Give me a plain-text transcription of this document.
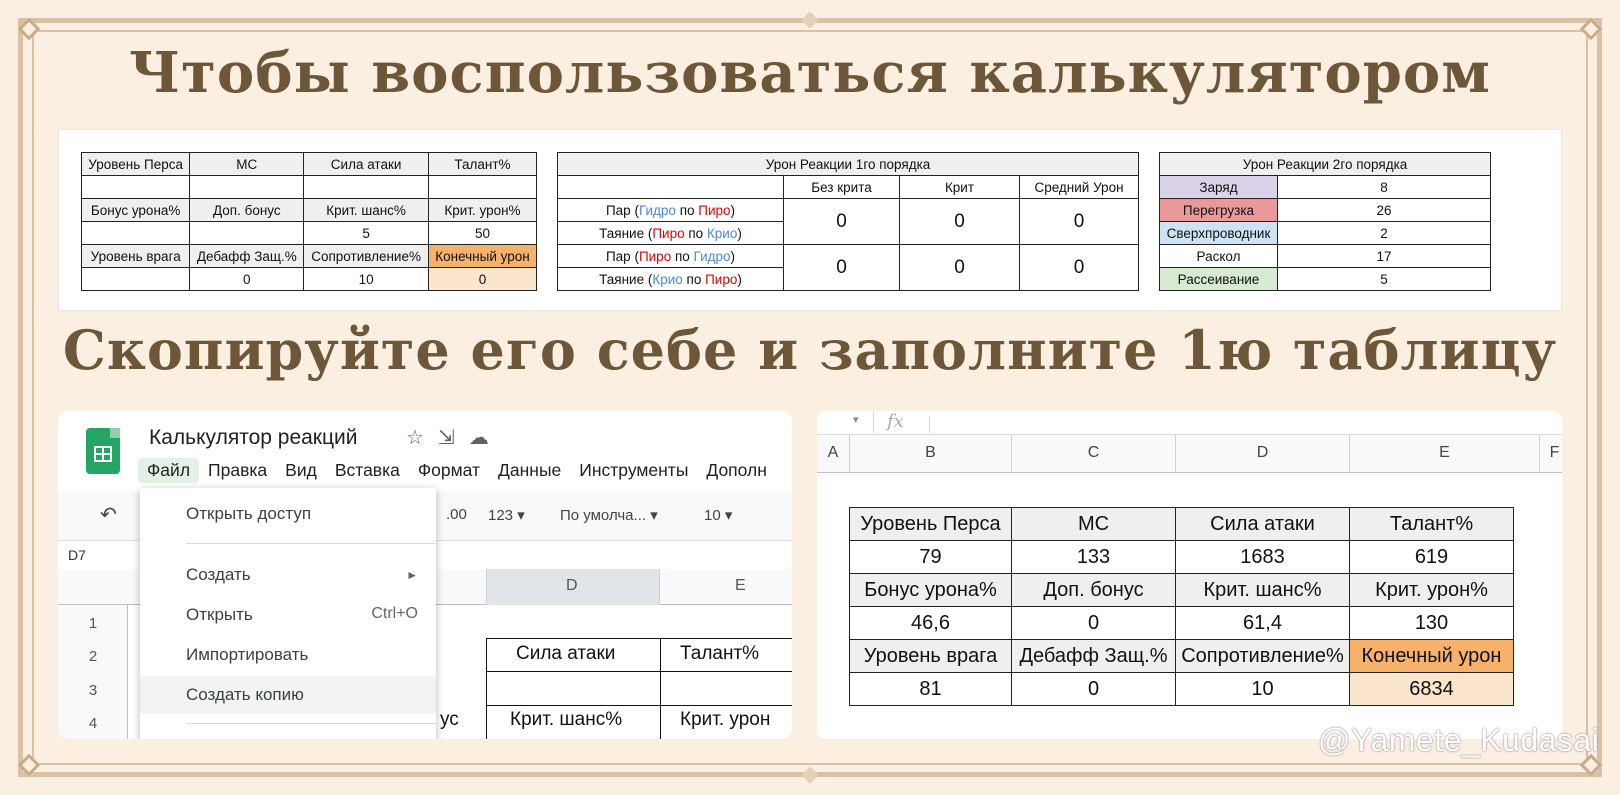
Чтобы воспользоваться калькулятором
Скопируйте его себе и заполните 1ю таблицу
Уровень Перса	МС	Сила атаки	Талант%

Бонус урона%	Доп. бонус	Крит. шанс%	Крит. урон%
		5	50
Уровень врага	Дебафф Защ.%	Сопротивление%	Конечный урон
	0	10	0
Урон Реакции 1го порядка			
	Без крита	Крит	Средний Урон
Пар (Гидро по Пиро)	0	0	0
Таяние (Пиро по Крио)			
Пар (Пиро по Гидро)	0	0	0
Таяние (Крио по Пиро)			
Урон Реакции 2го порядка	
Заряд	8
Перегрузка	26
Сверхпроводник	2
Раскол	17
Рассеивание	5
Калькулятор реакций ☆ ⇲ ☁
Файл	Правка	Вид	Вставка	Формат	Данные	Инструменты	Дополн
↶	.00 123 ▾ По умолча... ▾	10 ▾
D7
D	E
1
2
3
4
Сила атаки	Талант%
ус	Крит. шанс%	Крит. урон
Открыть доступ
Создать	►
Открыть	Ctrl+O
Импортировать
Создать копию
▾ fx
A	B	C	D	E	F
Уровень Перса	МС	Сила атаки	Талант%
79	133	1683	619
Бонус урона%	Доп. бонус	Крит. шанс%	Крит. урон%
46,6	0	61,4	130
Уровень врага	Дебафф Защ.%	Сопротивление%	Конечный урон
81	0	10	6834
@Yamete_Kudasai
